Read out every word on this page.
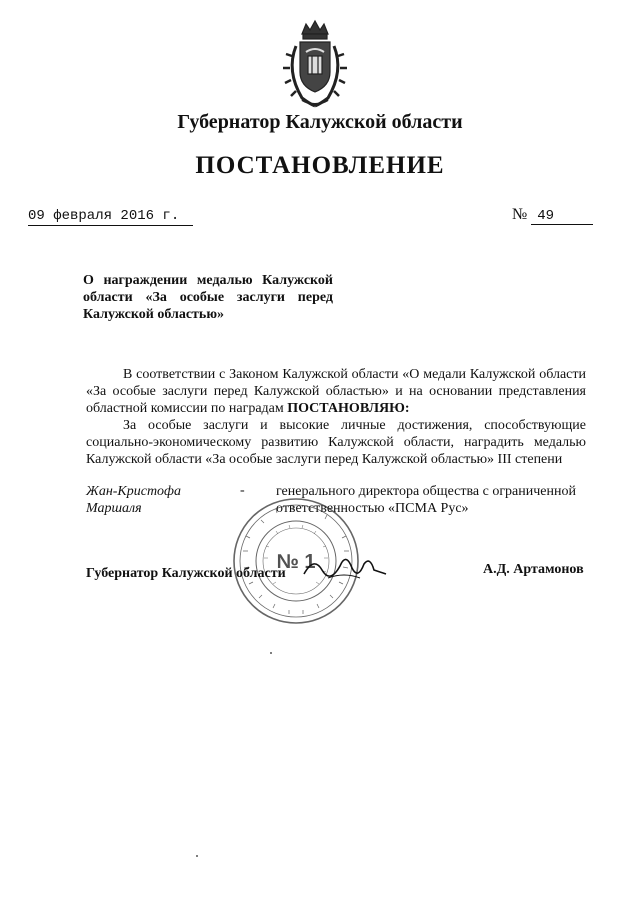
Губернатор Калужской области
ПОСТАНОВЛЕНИЕ
09 февраля 2016 г.	№ 49
О награждении медалью Калужской
области «За особые заслуги перед
Калужской областью»

В соответствии с Законом Калужской области «О медали Калужской области

«За особые заслуги перед Калужской областью» и на основании представления

областной комиссии по наградам ПОСТАНОВЛЯЮ:

За особые заслуги и высокие личные достижения, способствующие

социально-экономическому развитию Калужской области, наградить медалью

Калужской области «За особые заслуги перед Калужской областью» III степени

Жан-Кристофа
Маршаля
- генерального директора общества с ограниченной
ответственностью «ПСМА Рус»
№ 1
Губернатор Калужской области	А.Д. Артамонов
